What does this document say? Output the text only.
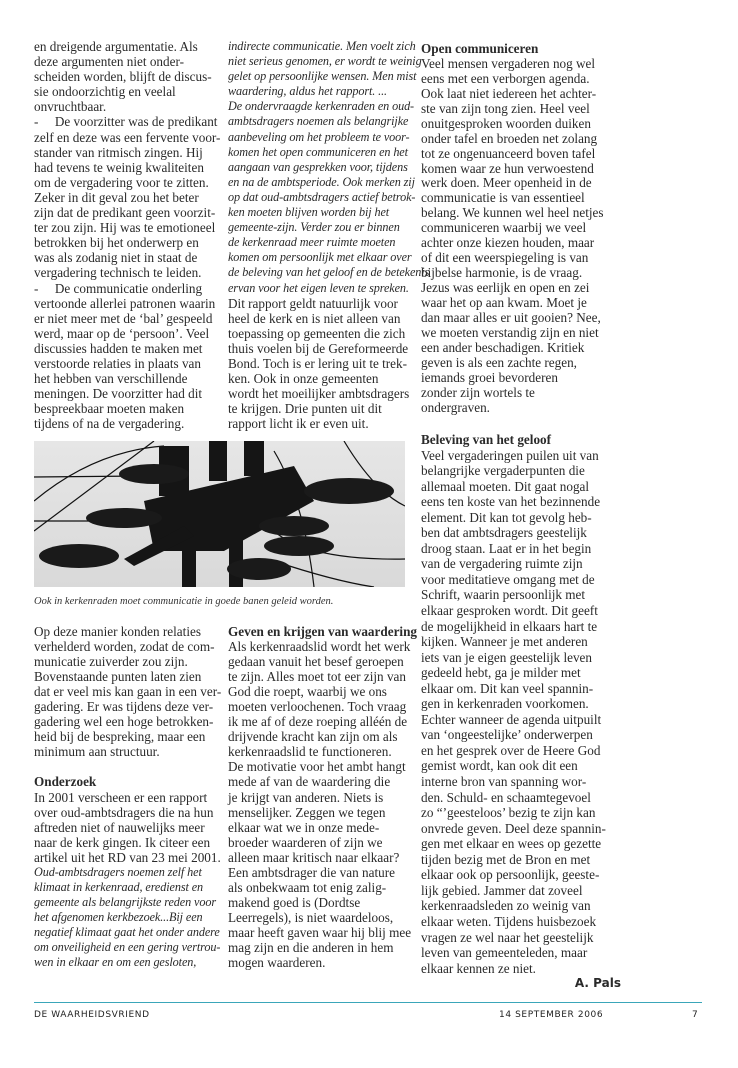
en dreigende argumentatie. Als
deze argumenten niet onder-
scheiden worden, blijft de discus-
sie ondoorzichtig en veelal
onvruchtbaar.
-     De voorzitter was de predikant
zelf en deze was een fervente voor-
stander van ritmisch zingen. Hij
had tevens te weinig kwaliteiten
om de vergadering voor te zitten.
Zeker in dit geval zou het beter
zijn dat de predikant geen voorzit-
ter zou zijn. Hij was te emotioneel
betrokken bij het onderwerp en
was als zodanig niet in staat de
vergadering technisch te leiden.
-     De communicatie onderling
vertoonde allerlei patronen waarin
er niet meer met de ‘bal’ gespeeld
werd, maar op de ‘persoon’. Veel
discussies hadden te maken met
verstoorde relaties in plaats van
het hebben van verschillende
meningen. De voorzitter had dit
bespreekbaar moeten maken
tijdens of na de vergadering.
indirecte communicatie. Men voelt zich
niet serieus genomen, er wordt te weinig
gelet op persoonlijke wensen. Men mist
waardering, aldus het rapport. ...
De ondervraagde kerkenraden en oud-
ambtsdragers noemen als belangrijke
aanbeveling om het probleem te voor-
komen het open communiceren en het
aangaan van gesprekken voor, tijdens
en na de ambtsperiode. Ook merken zij
op dat oud-ambtsdragers actief betrok-
ken moeten blijven worden bij het
gemeente-zijn. Verder zou er binnen
de kerkenraad meer ruimte moeten
komen om persoonlijk met elkaar over
de beleving van het geloof en de betekenis
ervan voor het eigen leven te spreken.
Dit rapport geldt natuurlijk voor
heel de kerk en is niet alleen van
toepassing op gemeenten die zich
thuis voelen bij de Gereformeerde
Bond. Toch is er lering uit te trek-
ken. Ook in onze gemeenten
wordt het moeilijker ambtsdragers
te krijgen. Drie punten uit dit
rapport licht ik er even uit.
Open communiceren
Veel mensen vergaderen nog wel
eens met een verborgen agenda.
Ook laat niet iedereen het achter-
ste van zijn tong zien. Heel veel
onuitgesproken woorden duiken
onder tafel en broeden net zolang
tot ze ongenuanceerd boven tafel
komen waar ze hun verwoestend
werk doen. Meer openheid in de
communicatie is van essentieel
belang. We kunnen wel heel netjes
communiceren waarbij we veel
achter onze kiezen houden, maar
of dit een weerspiegeling is van
bijbelse harmonie, is de vraag.
Jezus was eerlijk en open en zei
waar het op aan kwam. Moet je
dan maar alles er uit gooien? Nee,
we moeten verstandig zijn en niet
een ander beschadigen. Kritiek
geven is als een zachte regen,
iemands groei bevorderen
zonder zijn wortels te
ondergraven.
Beleving van het geloof
Veel vergaderingen puilen uit van
belangrijke vergaderpunten die
allemaal moeten. Dit gaat nogal
eens ten koste van het bezinnende
element. Dit kan tot gevolg heb-
ben dat ambtsdragers geestelijk
droog staan. Laat er in het begin
van de vergadering ruimte zijn
voor meditatieve omgang met de
Schrift, waarin persoonlijk met
elkaar gesproken wordt. Dit geeft
de mogelijkheid in elkaars hart te
kijken. Wanneer je met anderen
iets van je eigen geestelijk leven
gedeeld hebt, ga je milder met
elkaar om. Dit kan veel spannin-
gen in kerkenraden voorkomen.
Echter wanneer de agenda uitpuilt
van ‘ongeestelijke’ onderwerpen
en het gesprek over de Heere God
gemist wordt, kan ook dit een
interne bron van spanning wor-
den. Schuld- en schaamtegevoel
zo “’geesteloos’ bezig te zijn kan
onvrede geven. Deel deze spannin-
gen met elkaar en wees op gezette
tijden bezig met de Bron en met
elkaar ook op persoonlijk, geeste-
lijk gebied. Jammer dat zoveel
kerkenraadsleden zo weinig van
elkaar weten. Tijdens huisbezoek
vragen ze wel naar het geestelijk
leven van gemeenteleden, maar
elkaar kennen ze niet.
A. Pals
Op deze manier konden relaties
verhelderd worden, zodat de com-
municatie zuiverder zou zijn.
Bovenstaande punten laten zien
dat er veel mis kan gaan in een ver-
gadering. Er was tijdens deze ver-
gadering wel een hoge betrokken-
heid bij de bespreking, maar een
minimum aan structuur.

Onderzoek
In 2001 verscheen er een rapport
over oud-ambtsdragers die na hun
aftreden niet of nauwelijks meer
naar de kerk gingen. Ik citeer een
artikel uit het RD van 23 mei 2001.
Oud-ambtsdragers noemen zelf het
klimaat in kerkenraad, eredienst en
gemeente als belangrijkste reden voor
het afgenomen kerkbezoek...Bij een
negatief klimaat gaat het onder andere
om onveiligheid en een gering vertrou-
wen in elkaar en om een gesloten,
Geven en krijgen van waardering
Als kerkenraadslid wordt het werk
gedaan vanuit het besef geroepen
te zijn. Alles moet tot eer zijn van
God die roept, waarbij we ons
moeten verloochenen. Toch vraag
ik me af of deze roeping alléén de
drijvende kracht kan zijn om als
kerkenraadslid te functioneren.
De motivatie voor het ambt hangt
mede af van de waardering die
je krijgt van anderen. Niets is
menselijker. Zeggen we tegen
elkaar wat we in onze mede-
broeder waarderen of zijn we
alleen maar kritisch naar elkaar?
Een ambtsdrager die van nature
als onbekwaam tot enig zalig-
makend goed is (Dordtse
Leerregels), is niet waardeloos,
maar heeft gaven waar hij blij mee
mag zijn en die anderen in hem
mogen waarderen.
Ook in kerkenraden moet communicatie in goede banen geleid worden.
DE WAARHEIDSVRIEND	14 SEPTEMBER 2006	7
